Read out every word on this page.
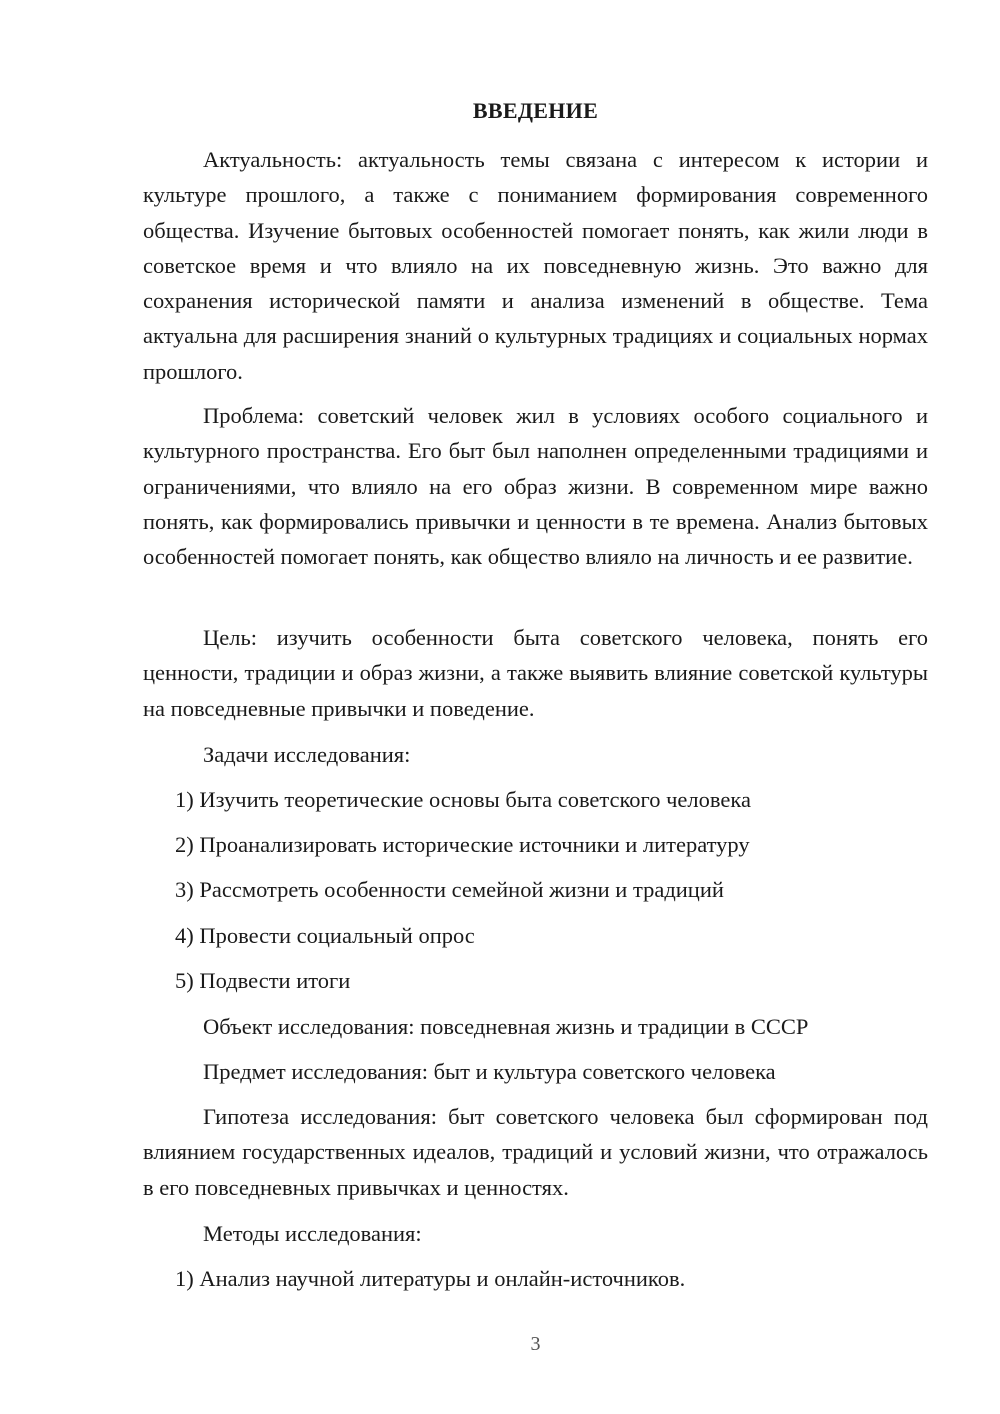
ВВЕДЕНИЕ

Актуальность: актуальность темы связана с интересом к истории и культуре прошлого, а также с пониманием формирования современного общества. Изучение бытовых особенностей помогает понять, как жили люди в советское время и что влияло на их повседневную жизнь. Это важно для сохранения исторической памяти и анализа изменений в обществе. Тема актуальна для расширения знаний о культурных традициях и социальных нормах прошлого.

Проблема: советский человек жил в условиях особого социального и культурного пространства. Его быт был наполнен определенными традициями и ограничениями, что влияло на его образ жизни. В современном мире важно понять, как формировались привычки и ценности в те времена. Анализ бытовых особенностей помогает понять, как общество влияло на личность и ее развитие.

Цель: изучить особенности быта советского человека, понять его ценности, традиции и образ жизни, а также выявить влияние советской культуры на повседневные привычки и поведение.

Задачи исследования:

1) Изучить теоретические основы быта советского человека

2) Проанализировать исторические источники и литературу

3) Рассмотреть особенности семейной жизни и традиций

4) Провести социальный опрос

5) Подвести итоги

Объект исследования: повседневная жизнь и традиции в СССР

Предмет исследования: быт и культура советского человека

Гипотеза исследования: быт советского человека был сформирован под влиянием государственных идеалов, традиций и условий жизни, что отражалось в его повседневных привычках и ценностях.

Методы исследования:

1) Анализ научной литературы и онлайн-источников.

3
